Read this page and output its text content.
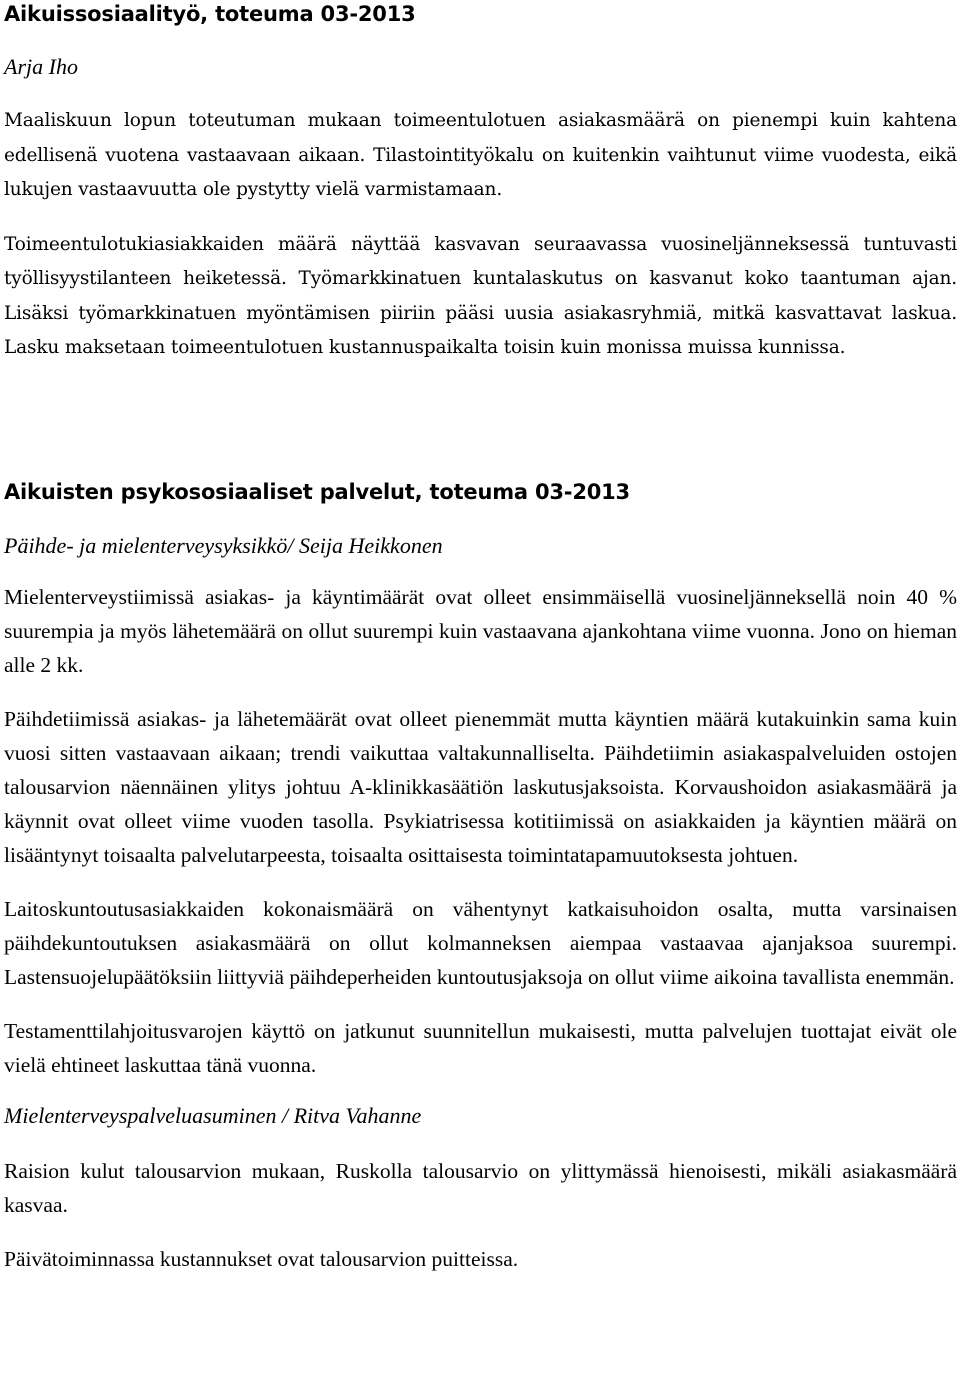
Aikuissosiaalityö, toteuma 03-2013

Arja Iho

Maaliskuun lopun toteutuman mukaan toimeentulotuen asiakasmäärä on pienempi kuin kahtena edellisenä vuotena vastaavaan aikaan. Tilastointityökalu on kuitenkin vaihtunut viime vuodesta, eikä lukujen vastaavuutta ole pystytty vielä varmistamaan.

Toimeentulotukiasiakkaiden määrä näyttää kasvavan seuraavassa vuosineljänneksessä tuntuvasti työllisyystilanteen heiketessä. Työmarkkinatuen kuntalaskutus on kasvanut koko taantuman ajan. Lisäksi työmarkkinatuen myöntämisen piiriin pääsi uusia asiakasryhmiä, mitkä kasvattavat laskua. Lasku maksetaan toimeentulotuen kustannuspaikalta toisin kuin monissa muissa kunnissa.

Aikuisten psykososiaaliset palvelut, toteuma 03-2013

Päihde- ja mielenterveysyksikkö/ Seija Heikkonen

Mielenterveystiimissä asiakas- ja käyntimäärät ovat olleet ensimmäisellä vuosineljänneksellä noin 40 % suurempia ja myös lähetemäärä on ollut suurempi kuin vastaavana ajankohtana viime vuonna. Jono on hieman alle 2 kk.

Päihdetiimissä asiakas- ja lähetemäärät ovat olleet pienemmät mutta käyntien määrä kutakuinkin sama kuin vuosi sitten vastaavaan aikaan; trendi vaikuttaa valtakunnalliselta. Päihdetiimin asiakaspalveluiden ostojen talousarvion näennäinen ylitys johtuu A-klinikkasäätiön laskutusjaksoista. Korvaushoidon asiakasmäärä ja käynnit ovat olleet viime vuoden tasolla. Psykiatrisessa kotitiimissä on asiakkaiden ja käyntien määrä on lisääntynyt toisaalta palvelutarpeesta, toisaalta osittaisesta toimintatapamuutoksesta johtuen.

Laitoskuntoutusasiakkaiden kokonaismäärä on vähentynyt katkaisuhoidon osalta, mutta varsinaisen päihdekuntoutuksen asiakasmäärä on ollut kolmanneksen aiempaa vastaavaa ajanjaksoa suurempi. Lastensuojelupäätöksiin liittyviä päihdeperheiden kuntoutusjaksoja on ollut viime aikoina tavallista enemmän.

Testamenttilahjoitusvarojen käyttö on jatkunut suunnitellun mukaisesti, mutta palvelujen tuottajat eivät ole vielä ehtineet laskuttaa tänä vuonna.

Mielenterveyspalveluasuminen / Ritva Vahanne

Raision kulut talousarvion mukaan, Ruskolla talousarvio on ylittymässä hienoisesti, mikäli asiakasmäärä kasvaa.

Päivätoiminnassa kustannukset ovat talousarvion puitteissa.
